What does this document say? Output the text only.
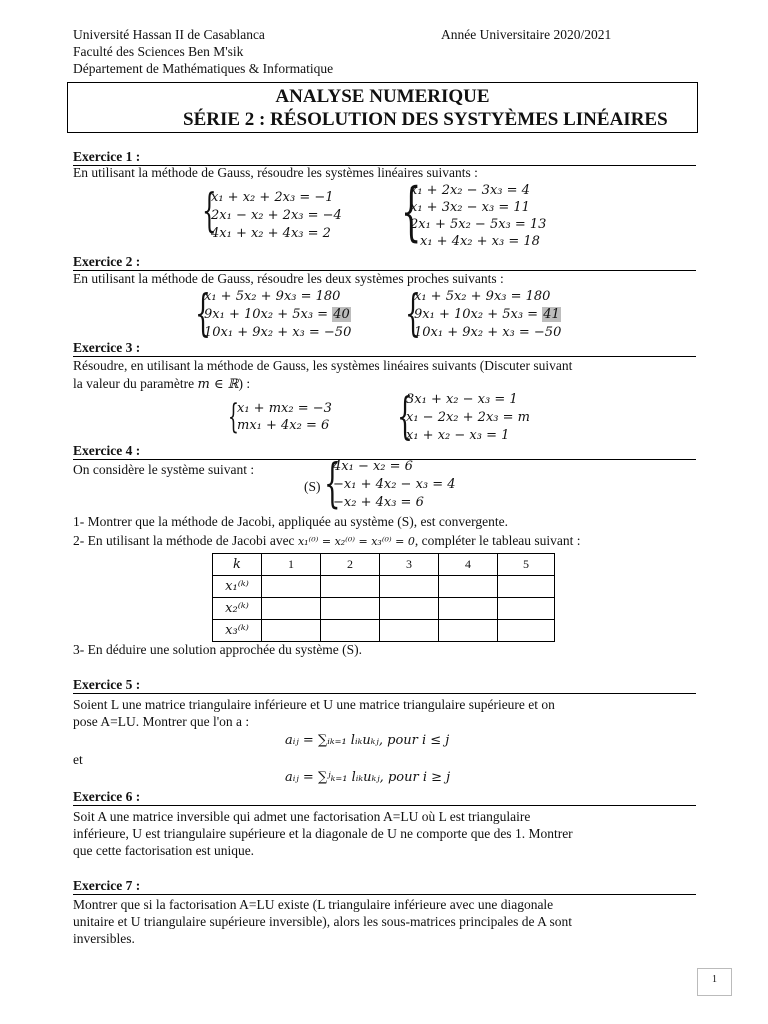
Université Hassan II de Casablanca
Faculté des Sciences Ben M'sik
Département de Mathématiques & Informatique
Année Universitaire 2020/2021
ANALYSE NUMERIQUE
SÉRIE 2 : RÉSOLUTION DES SYSTYÈMES LINÉAIRES
Exercice 1 :
En utilisant la méthode de Gauss, résoudre les systèmes linéaires suivants :
{
x₁ + x₂ + 2x₃ = −1
2x₁ − x₂ + 2x₃ = −4
4x₁ + x₂ + 4x₃ = 2 {
x₁ + 2x₂ − 3x₃ = 4
x₁ + 3x₂ − x₃ = 11
2x₁ + 5x₂ − 5x₃ = 13
x₁ + 4x₂ + x₃ = 18
Exercice 2 :
En utilisant la méthode de Gauss, résoudre les deux systèmes proches suivants :
{
x₁ + 5x₂ + 9x₃ = 180
9x₁ + 10x₂ + 5x₃ = 40
10x₁ + 9x₂ + x₃ = −50 {
x₁ + 5x₂ + 9x₃ = 180
9x₁ + 10x₂ + 5x₃ = 41
10x₁ + 9x₂ + x₃ = −50
Exercice 3 :
Résoudre, en utilisant la méthode de Gauss, les systèmes linéaires suivants (Discuter suivant
la valeur du paramètre m ∈ ℝ) :
{
x₁ + mx₂ = −3
mx₁ + 4x₂ = 6 {
3x₁ + x₂ − x₃ = 1
x₁ − 2x₂ + 2x₃ = m
x₁ + x₂ − x₃ = 1
Exercice 4 :
On considère le système suivant :
(S) {
4x₁ − x₂ = 6
−x₁ + 4x₂ − x₃ = 4
−x₂ + 4x₃ = 6
1- Montrer que la méthode de Jacobi, appliquée au système (S), est convergente.
2- En utilisant la méthode de Jacobi avec x₁⁽⁰⁾ = x₂⁽⁰⁾ = x₃⁽⁰⁾ = 0, compléter le tableau suivant :
k	1	2	3	4	5
x₁⁽ᵏ⁾					
x₂⁽ᵏ⁾					
x₃⁽ᵏ⁾					
3- En déduire une solution approchée du système (S).
Exercice 5 :
Soient L une matrice triangulaire inférieure et U une matrice triangulaire supérieure et on
pose A=LU. Montrer que l'on a :
aᵢⱼ = ∑ᵢₖ₌₁ lᵢₖuₖⱼ, pour i ≤ j
et
aᵢⱼ = ∑ʲₖ₌₁ lᵢₖuₖⱼ, pour i ≥ j
Exercice 6 :
Soit A une matrice inversible qui admet une factorisation A=LU où L est triangulaire
inférieure, U est triangulaire supérieure et la diagonale de U ne comporte que des 1. Montrer
que cette factorisation est unique.
Exercice 7 :
Montrer que si la factorisation A=LU existe (L triangulaire inférieure avec une diagonale
unitaire et U triangulaire supérieure inversible), alors les sous-matrices principales de A sont
inversibles.
1
